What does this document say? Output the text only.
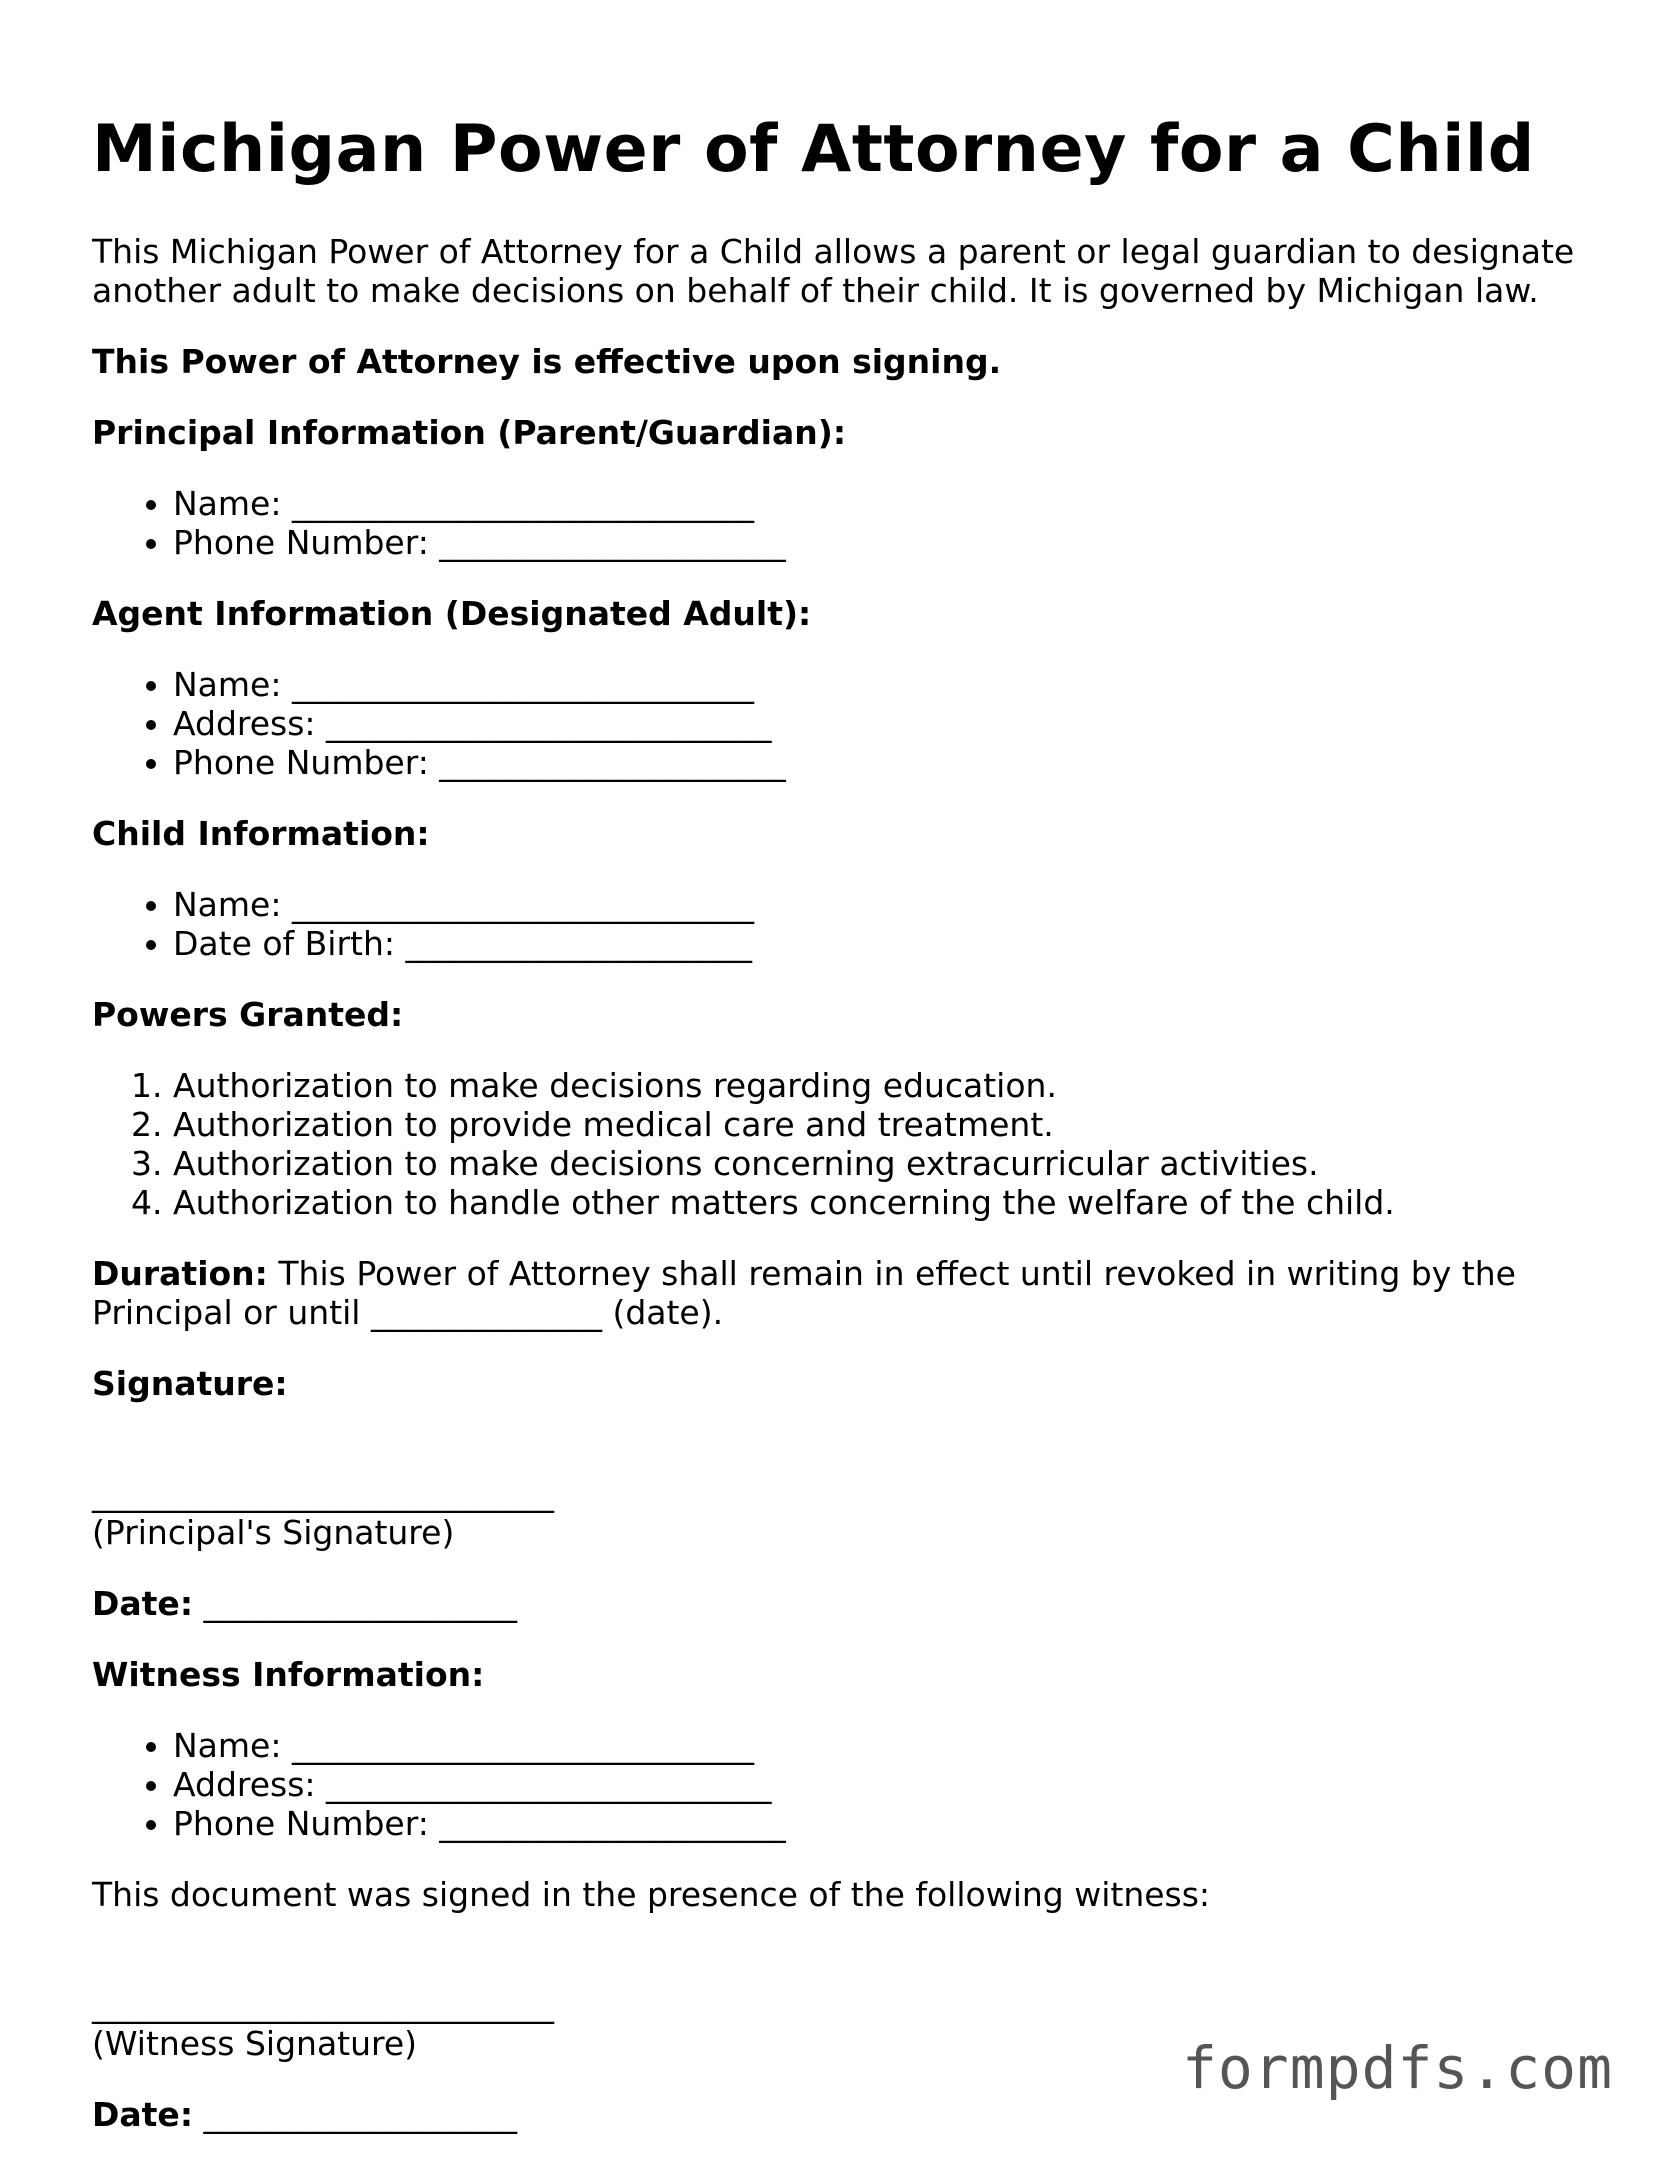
Michigan Power of Attorney for a Child

This Michigan Power of Attorney for a Child allows a parent or legal guardian to designate another adult to make decisions on behalf of their child. It is governed by Michigan law.

This Power of Attorney is effective upon signing.

Principal Information (Parent/Guardian):

• Name: ____________________________
• Phone Number: _____________________

Agent Information (Designated Adult):

• Name: ____________________________
• Address: ___________________________
• Phone Number: _____________________

Child Information:

• Name: ____________________________
• Date of Birth: _____________________

Powers Granted:

1. Authorization to make decisions regarding education.
2. Authorization to provide medical care and treatment.
3. Authorization to make decisions concerning extracurricular activities.
4. Authorization to handle other matters concerning the welfare of the child.

Duration: This Power of Attorney shall remain in effect until revoked in writing by the Principal or until ______________ (date).

Signature:

____________________________

(Principal's Signature)

Date: ___________________

Witness Information:

• Name: ____________________________
• Address: ___________________________
• Phone Number: _____________________

This document was signed in the presence of the following witness:

____________________________

(Witness Signature)

Date: ___________________

formpdfs.com
